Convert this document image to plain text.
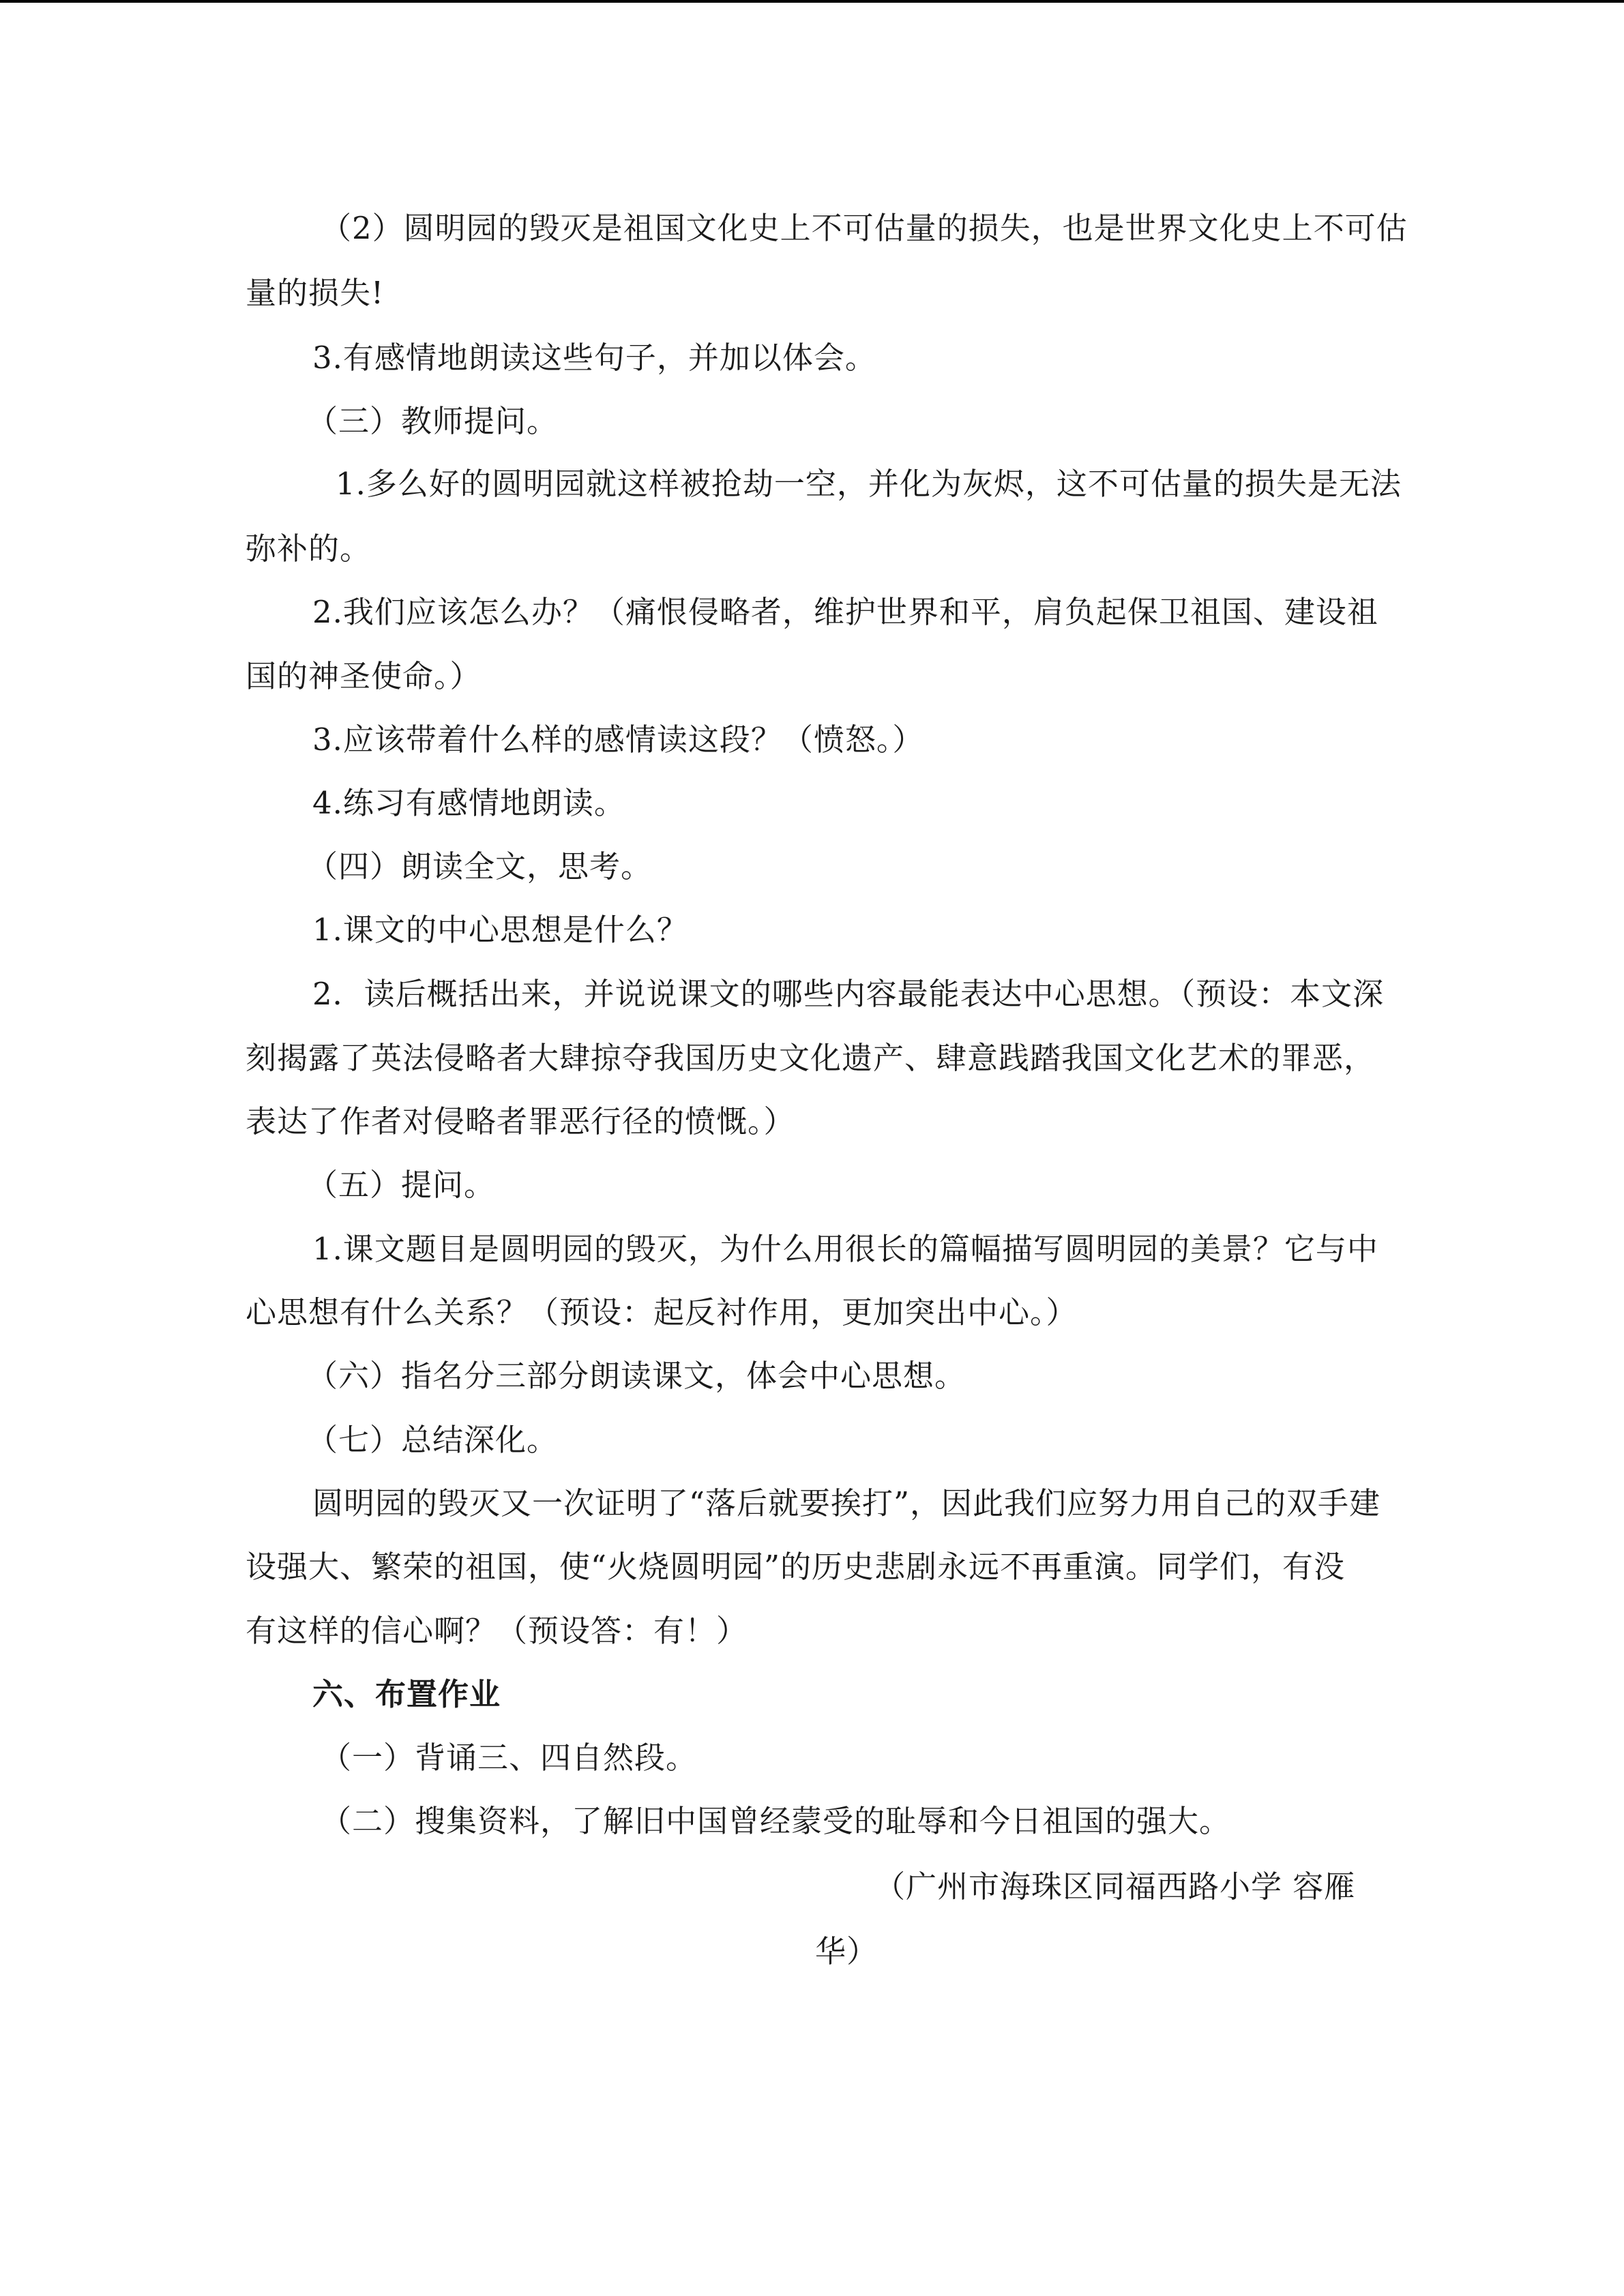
（2）圆明园的毁灭是祖国文化史上不可估量的损失，也是世界文化史上不可估
量的损失!
3.有感情地朗读这些句子，并加以体会。
（三）教师提问。
1.多么好的圆明园就这样被抢劫一空，并化为灰烬，这不可估量的损失是无法
弥补的。
2.我们应该怎么办？（痛恨侵略者，维护世界和平，肩负起保卫祖国、建设祖
国的神圣使命。）
3.应该带着什么样的感情读这段？（愤怒。）
4.练习有感情地朗读。
（四）朗读全文，思考。
1.课文的中心思想是什么？
2．读后概括出来，并说说课文的哪些内容最能表达中心思想。（预设：本文深
刻揭露了英法侵略者大肆掠夺我国历史文化遗产、肆意践踏我国文化艺术的罪恶，
表达了作者对侵略者罪恶行径的愤慨。）
（五）提问。
1.课文题目是圆明园的毁灭，为什么用很长的篇幅描写圆明园的美景？它与中
心思想有什么关系？（预设：起反衬作用，更加突出中心。）
（六）指名分三部分朗读课文，体会中心思想。
（七）总结深化。
圆明园的毁灭又一次证明了“落后就要挨打”，因此我们应努力用自己的双手建
设强大、繁荣的祖国，使“火烧圆明园”的历史悲剧永远不再重演。同学们，有没
有这样的信心啊？（预设答：有！）
六、布置作业
（一）背诵三、四自然段。
（二）搜集资料，了解旧中国曾经蒙受的耻辱和今日祖国的强大。
（广州市海珠区同福西路小学 容雁
华）
